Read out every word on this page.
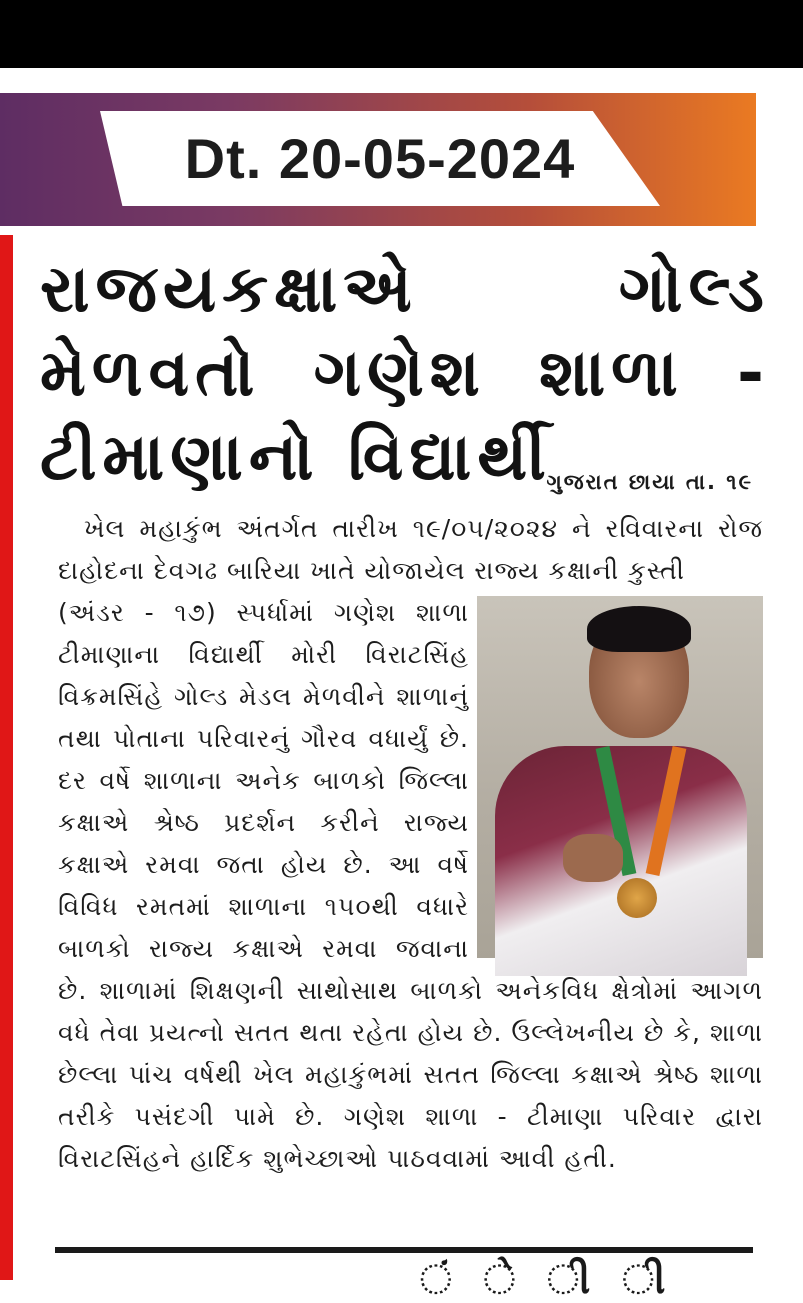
Dt. 20-05-2024
રાજયકક્ષાએ ગોલ્ડ મેળવતો ગણેશ શાળા - ટીમાણાનો વિદ્યાર્થી
ગુજરાત છાયા તા. ૧૯
 ખેલ મહાકુંભ અંતર્ગત તારીખ ૧૯/૦૫/૨૦૨૪ ને રવિવારના રોજ દાહોદના દેવગઢ બારિયા ખાતે યોજાયેલ રાજ્ય કક્ષાની કુસ્તી
(અંડર - ૧૭) સ્પર્ધામાં ગણેશ શાળા ટીમાણાના વિદ્યાર્થી મોરી વિરાટસિંહ વિક્રમસિંહે ગોલ્ડ મેડલ મેળવીને શાળાનું તથા પોતાના પરિવારનું ગૌરવ વધાર્યું છે. દર વર્ષે શાળાના અનેક બાળકો જિલ્લા કક્ષાએ શ્રેષ્ઠ પ્રદર્શન કરીને રાજ્ય કક્ષાએ રમવા જતા હોય છે. આ વર્ષે વિવિધ રમતમાં શાળાના ૧૫૦થી વધારે બાળકો રાજ્ય કક્ષાએ રમવા જવાના છે. શાળામાં શિક્ષણની સાથોસાથ બાળકો અનેકવિધ ક્ષેત્રોમાં આગળ વધે તેવા પ્રયત્નો સતત થતા રહેતા હોય છે. ઉલ્લેખનીય છે કે, શાળા છેલ્લા પાંચ વર્ષથી ખેલ મહાકુંભમાં સતત જિલ્લા કક્ષાએ શ્રેષ્ઠ શાળા તરીકે પસંદગી પામે છે. ગણેશ શાળા - ટીમાણા પરિવાર દ્વારા વિરાટસિંહને હાર્દિક શુભેચ્છાઓ પાઠવવામાં આવી હતી.
ં ે ી ી
